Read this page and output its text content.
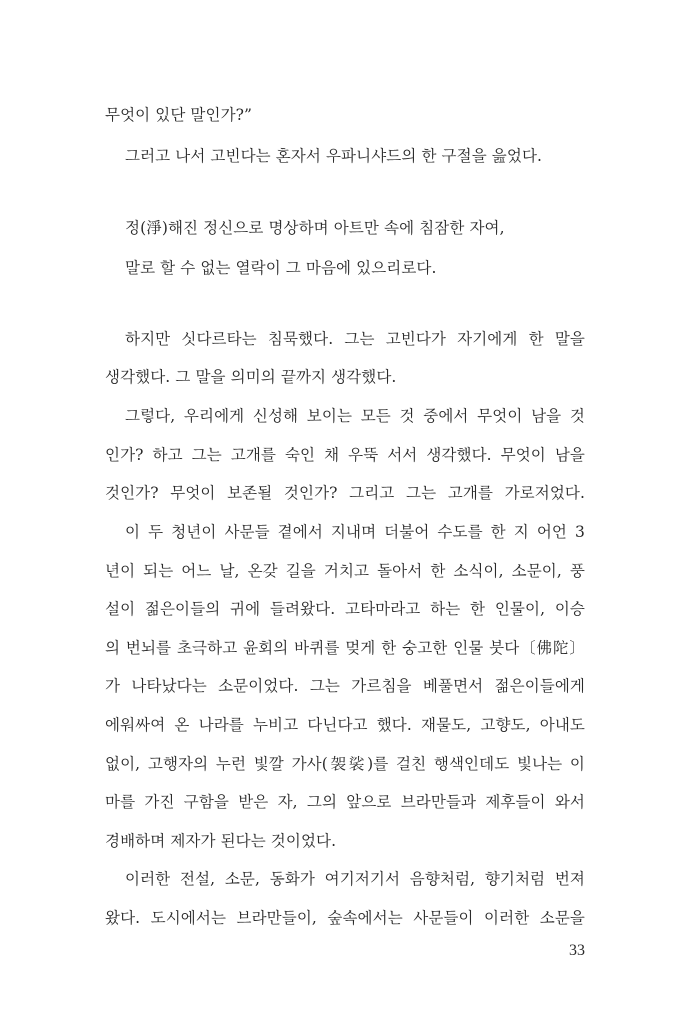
무엇이 있단 말인가?”
그러고 나서 고빈다는 혼자서 우파니샤드의 한 구절을 읊었다.
정(淨)해진 정신으로 명상하며 아트만 속에 침잠한 자여,
말로 할 수 없는 열락이 그 마음에 있으리로다.
하지만 싯다르타는 침묵했다. 그는 고빈다가 자기에게 한 말을
생각했다. 그 말을 의미의 끝까지 생각했다.
그렇다, 우리에게 신성해 보이는 모든 것 중에서 무엇이 남을 것
인가? 하고 그는 고개를 숙인 채 우뚝 서서 생각했다. 무엇이 남을
것인가? 무엇이 보존될 것인가? 그리고 그는 고개를 가로저었다.
이 두 청년이 사문들 곁에서 지내며 더불어 수도를 한 지 어언 3
년이 되는 어느 날, 온갖 길을 거치고 돌아서 한 소식이, 소문이, 풍
설이 젊은이들의 귀에 들려왔다. 고타마라고 하는 한 인물이, 이승
의 번뇌를 초극하고 윤회의 바퀴를 멎게 한 숭고한 인물 붓다〔佛陀〕
가 나타났다는 소문이었다. 그는 가르침을 베풀면서 젊은이들에게
에워싸여 온 나라를 누비고 다닌다고 했다. 재물도, 고향도, 아내도
없이, 고행자의 누런 빛깔 가사(袈裟)를 걸친 행색인데도 빛나는 이
마를 가진 구함을 받은 자, 그의 앞으로 브라만들과 제후들이 와서
경배하며 제자가 된다는 것이었다.
이러한 전설, 소문, 동화가 여기저기서 음향처럼, 향기처럼 번져
왔다. 도시에서는 브라만들이, 숲속에서는 사문들이 이러한 소문을
33
